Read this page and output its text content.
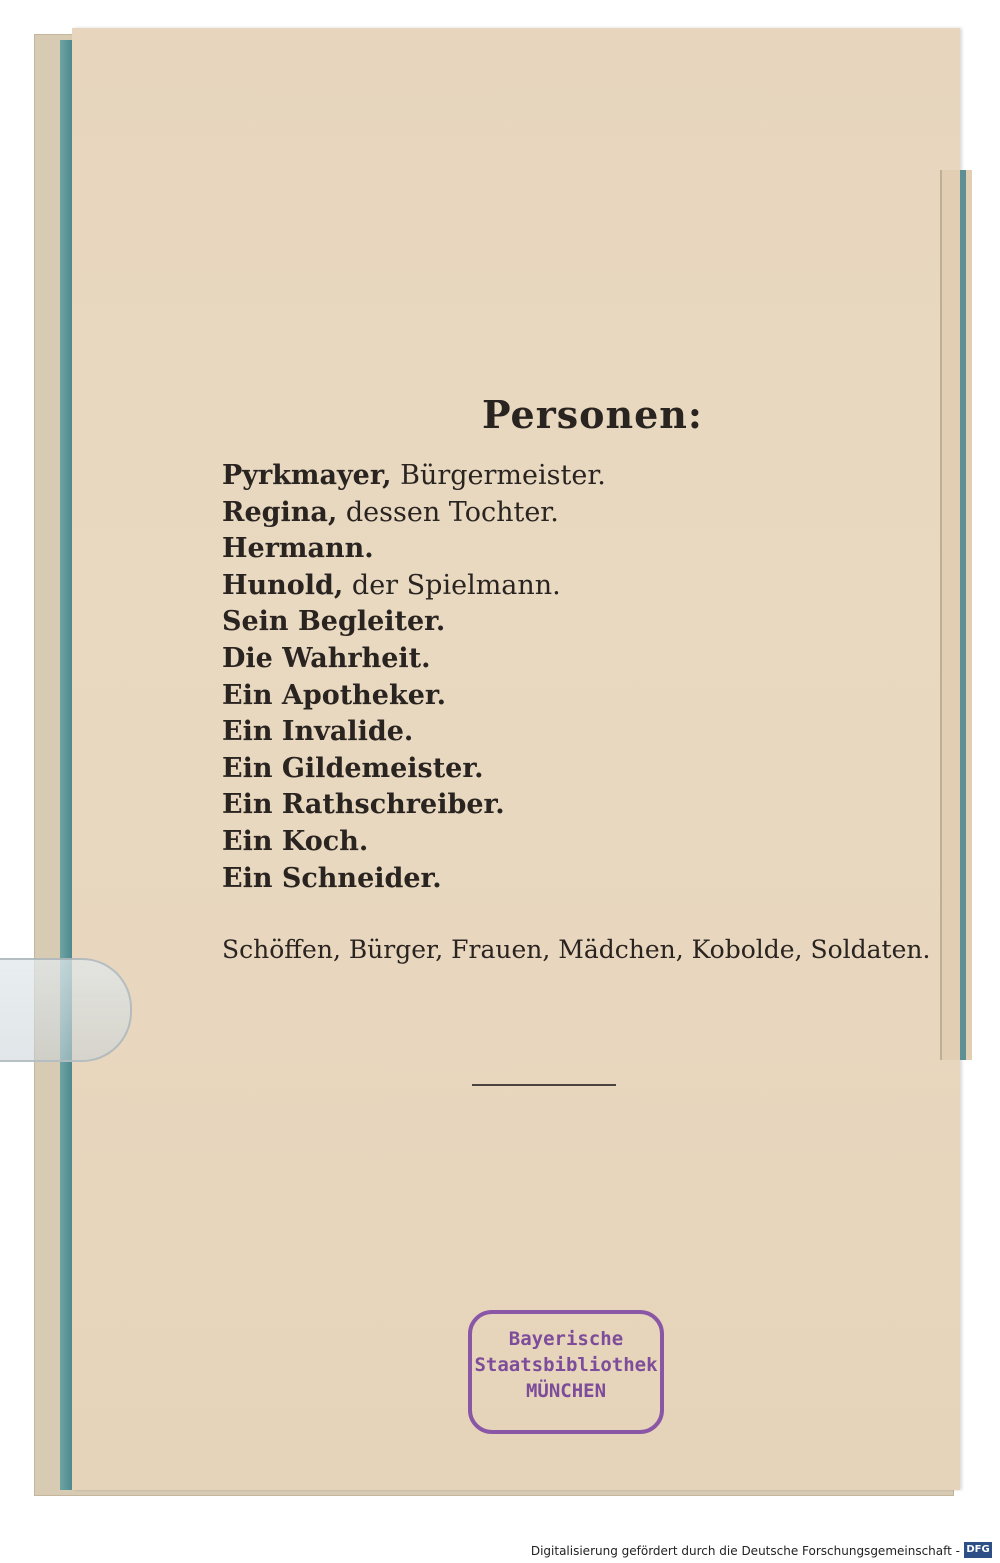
Personen:
Pyrkmayer, Bürgermeister.
Regina, dessen Tochter.
Hermann.
Hunold, der Spielmann.
Sein Begleiter.
Die Wahrheit.
Ein Apotheker.
Ein Invalide.
Ein Gildemeister.
Ein Rathschreiber.
Ein Koch.
Ein Schneider.
Schöffen, Bürger, Frauen, Mädchen, Kobolde, Soldaten.
Bayerische
Staatsbibliothek
MÜNCHEN
Digitalisierung gefördert durch die Deutsche Forschungsgemeinschaft - DFG
